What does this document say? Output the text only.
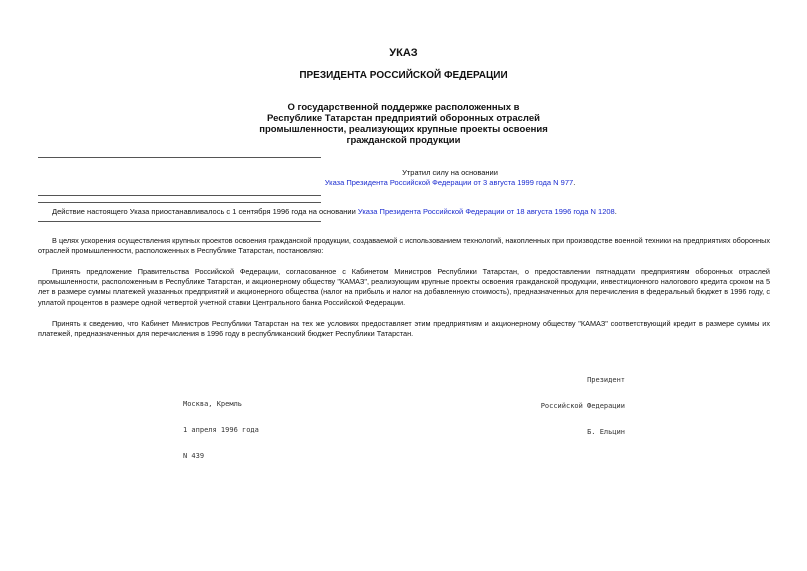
УКАЗ
ПРЕЗИДЕНТА РОССИЙСКОЙ ФЕДЕРАЦИИ
О государственной поддержке расположенных в
Республике Татарстан предприятий оборонных отраслей
промышленности, реализующих крупные проекты освоения
гражданской продукции
Утратил силу на основании
Указа Президента Российской Федерации от 3 августа 1999 года N 977.
Действие настоящего Указа приостанавливалось с 1 сентября 1996 года на основании Указа Президента Российской Федерации от 18 августа 1996 года N 1208.
В целях ускорения осуществления крупных проектов освоения гражданской продукции, создаваемой с использованием технологий, накопленных при производстве военной техники на предприятиях оборонных отраслей промышленности, расположенных в Республике Татарстан, постановляю:
Принять предложение Правительства Российской Федерации, согласованное с Кабинетом Министров Республики Татарстан, о предоставлении пятнадцати предприятиям оборонных отраслей промышленности, расположенным в Республике Татарстан, и акционерному обществу "КАМАЗ", реализующим крупные проекты освоения гражданской продукции, инвестиционного налогового кредита сроком на 5 лет в размере суммы платежей указанных предприятий и акционерного общества (налог на прибыль и налог на добавленную стоимость), предназначенных для перечисления в федеральный бюджет в 1996 году, с уплатой процентов в размере одной четвертой учетной ставки Центрального банка Российской Федерации.
Принять к сведению, что Кабинет Министров Республики Татарстан на тех же условиях предоставляет этим предприятиям и акционерному обществу "КАМАЗ" соответствующий кредит в размере суммы их платежей, предназначенных для перечисления в 1996 году в республиканский бюджет Республики Татарстан.

Президент

Российской Федерации

Б. Ельцин

Москва, Кремль

1 апреля 1996 года

N 439
